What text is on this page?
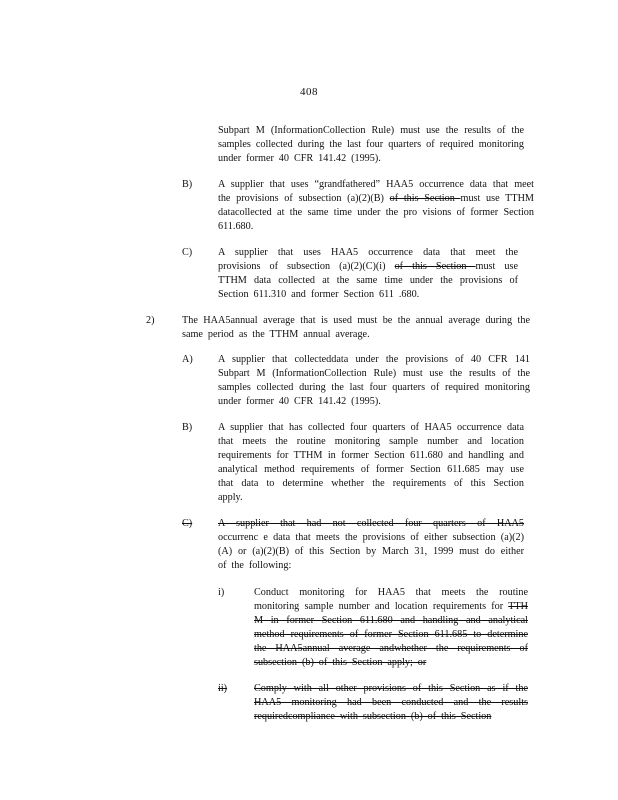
408
Subpart M (InformationCollection Rule) must use the results of the samples collected during the last four quarters of required monitoring under former 40 CFR 141.42 (1995).
B)	A supplier that uses “grandfathered” HAA5 occurrence data that meet the provisions of subsection (a)(2)(B) of this Section must use TTHM datacollected at the same time under the pro visions of former Section 611.680.
C)	A supplier that uses HAA5 occurrence data that meet the provisions of subsection (a)(2)(C)(i) of this Section must use TTHM data collected at the same time under the provisions of Section 611.310 and former Section 611 .680.
2)	The HAA5annual average that is used must be the annual average during the same period as the TTHM annual average.
A) A supplier that collecteddata under the provisions of 40 CFR 141 Subpart M (InformationCollection Rule) must use the results of the samples collected during the last four quarters of required monitoring under former 40 CFR 141.42 (1995).
B)	A supplier that has collected four quarters of HAA5 occurrence data that meets the routine monitoring sample number and location requirements for TTHM in former Section 611.680 and handling and analytical method requirements of former Section 611.685 may use that data to determine whether the requirements of this Section apply.
C)	A supplier that had not collected four quarters of HAA5
occurrenc e data that meets the provisions of either subsection (a)(2)(A) or (a)(2)(B) of this Section by March 31, 1999 must do either of the following:
i)	Conduct monitoring for HAA5 that meets the routine monitoring sample number and location requirements for TTH M in former Section 611.680 and handling and analytical method requirements of former Section 611.685 to determine the HAA5annual average andwhether the requirements of subsection (b) of this Section apply; or
ii)	Comply with all other provisions of this Section as if the HAA5 monitoring had been conducted and the results requiredcompliance with subsection (b) of this Section
